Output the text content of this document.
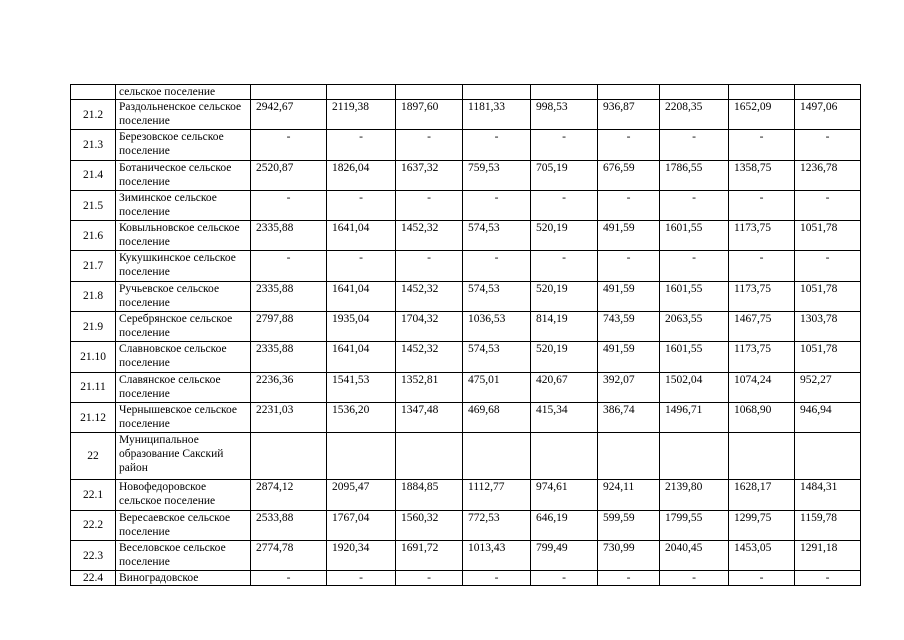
	сельское поселение									
21.2	Раздольненское сельское поселение	2942,67	2119,38	1897,60	1181,33	998,53	936,87	2208,35	1652,09	1497,06
21.3	Березовское сельское поселение	-	-	-	-	-	-	-	-	-
21.4	Ботаническое сельское поселение	2520,87	1826,04	1637,32	759,53	705,19	676,59	1786,55	1358,75	1236,78
21.5	Зиминское сельское поселение	-	-	-	-	-	-	-	-	-
21.6	Ковыльновское сельское поселение	2335,88	1641,04	1452,32	574,53	520,19	491,59	1601,55	1173,75	1051,78
21.7	Кукушкинское сельское поселение	-	-	-	-	-	-	-	-	-
21.8	Ручьевское сельское поселение	2335,88	1641,04	1452,32	574,53	520,19	491,59	1601,55	1173,75	1051,78
21.9	Серебрянское сельское поселение	2797,88	1935,04	1704,32	1036,53	814,19	743,59	2063,55	1467,75	1303,78
21.10	Славновское сельское поселение	2335,88	1641,04	1452,32	574,53	520,19	491,59	1601,55	1173,75	1051,78
21.11	Славянское сельское поселение	2236,36	1541,53	1352,81	475,01	420,67	392,07	1502,04	1074,24	952,27
21.12	Чернышевское сельское поселение	2231,03	1536,20	1347,48	469,68	415,34	386,74	1496,71	1068,90	946,94
22	Муниципальное образование Сакский район									
22.1	Новофедоровское сельское поселение	2874,12	2095,47	1884,85	1112,77	974,61	924,11	2139,80	1628,17	1484,31
22.2	Вересаевское сельское поселение	2533,88	1767,04	1560,32	772,53	646,19	599,59	1799,55	1299,75	1159,78
22.3	Веселовское сельское поселение	2774,78	1920,34	1691,72	1013,43	799,49	730,99	2040,45	1453,05	1291,18
22.4	Виноградовское	-	-	-	-	-	-	-	-	-
